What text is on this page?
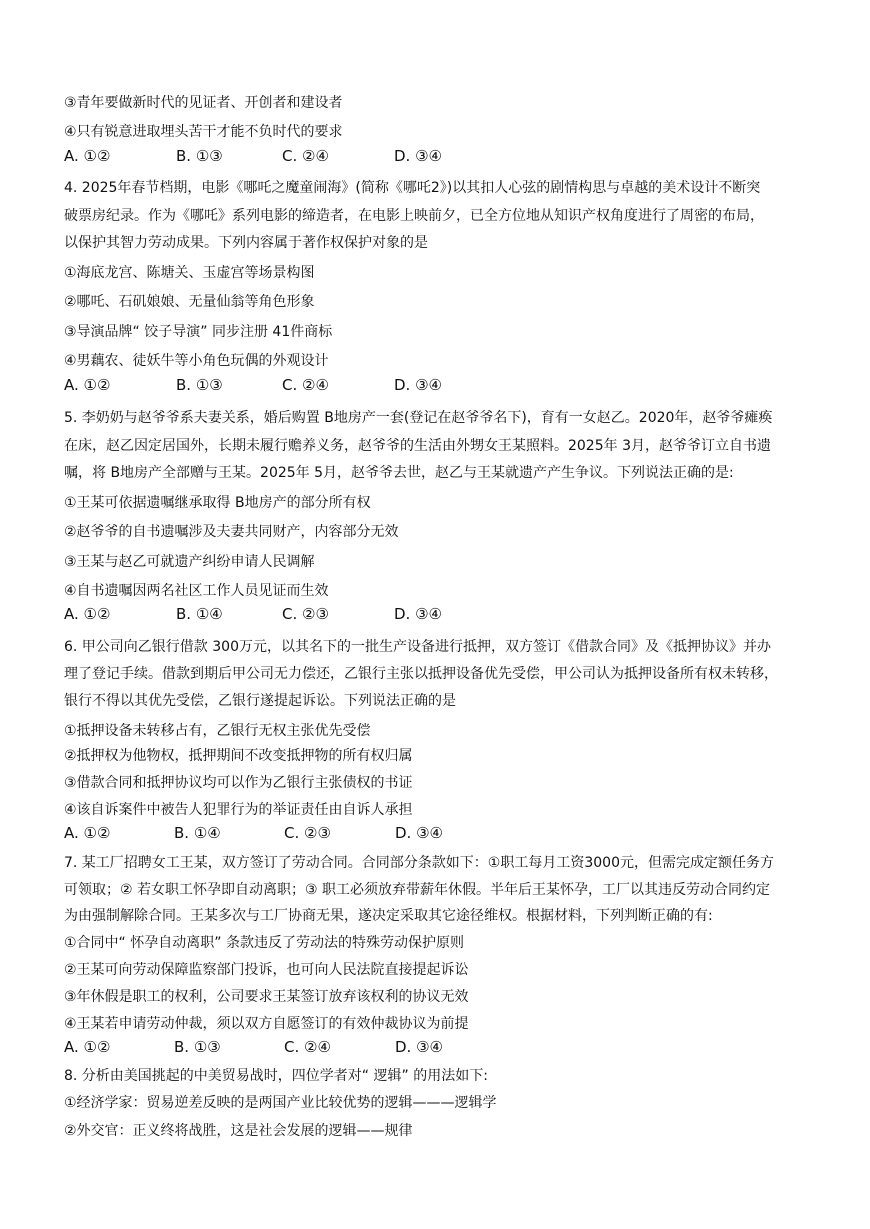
③青年要做新时代的见证者、开创者和建设者
④只有锐意进取埋头苦干才能不负时代的要求
A. ①②	B. ①③	C. ②④	D. ③④
4. 2025年春节档期，电影《哪吒之魔童闹海》(简称《哪吒2》)以其扣人心弦的剧情构思与卓越的美术设计不断突
破票房纪录。作为《哪吒》系列电影的缔造者，在电影上映前夕，已全方位地从知识产权角度进行了周密的布局，
以保护其智力劳动成果。下列内容属于著作权保护对象的是
①海底龙宫、陈塘关、玉虚宫等场景构图
②哪吒、石矶娘娘、无量仙翁等角色形象
③导演品牌“ 饺子导演” 同步注册 41件商标
④男藕农、徒妖牛等小角色玩偶的外观设计
A. ①②	B. ①③	C. ②④	D. ③④
5. 李奶奶与赵爷爷系夫妻关系，婚后购置 B地房产一套(登记在赵爷爷名下)，育有一女赵乙。2020年，赵爷爷瘫痪
在床，赵乙因定居国外，长期未履行赡养义务，赵爷爷的生活由外甥女王某照料。2025年 3月，赵爷爷订立自书遗
嘱，将 B地房产全部赠与王某。2025年 5月，赵爷爷去世，赵乙与王某就遗产产生争议。下列说法正确的是:
①王某可依据遗嘱继承取得 B地房产的部分所有权
②赵爷爷的自书遗嘱涉及夫妻共同财产，内容部分无效
③王某与赵乙可就遗产纠纷申请人民调解
④自书遗嘱因两名社区工作人员见证而生效
A. ①②	B. ①④	C. ②③	D. ③④
6. 甲公司向乙银行借款 300万元，以其名下的一批生产设备进行抵押，双方签订《借款合同》及《抵押协议》并办
理了登记手续。借款到期后甲公司无力偿还，乙银行主张以抵押设备优先受偿，甲公司认为抵押设备所有权未转移，
银行不得以其优先受偿，乙银行遂提起诉讼。下列说法正确的是
①抵押设备未转移占有，乙银行无权主张优先受偿
②抵押权为他物权，抵押期间不改变抵押物的所有权归属
③借款合同和抵押协议均可以作为乙银行主张债权的书证
④该自诉案件中被告人犯罪行为的举证责任由自诉人承担
A. ①②	B. ①④	C. ②③	D. ③④
7. 某工厂招聘女工王某，双方签订了劳动合同。合同部分条款如下：①职工每月工资3000元，但需完成定额任务方
可领取；② 若女职工怀孕即自动离职；③ 职工必须放弃带薪年休假。半年后王某怀孕，工厂以其违反劳动合同约定
为由强制解除合同。王某多次与工厂协商无果，遂决定采取其它途径维权。根据材料，下列判断正确的有:
①合同中“ 怀孕自动离职” 条款违反了劳动法的特殊劳动保护原则
②王某可向劳动保障监察部门投诉，也可向人民法院直接提起诉讼
③年休假是职工的权利，公司要求王某签订放弃该权利的协议无效
④王某若申请劳动仲裁，须以双方自愿签订的有效仲裁协议为前提
A. ①②	B. ①③	C. ②④	D. ③④
8. 分析由美国挑起的中美贸易战时，四位学者对“ 逻辑” 的用法如下:
①经济学家：贸易逆差反映的是两国产业比较优势的逻辑———逻辑学
②外交官：正义终将战胜，这是社会发展的逻辑——规律
